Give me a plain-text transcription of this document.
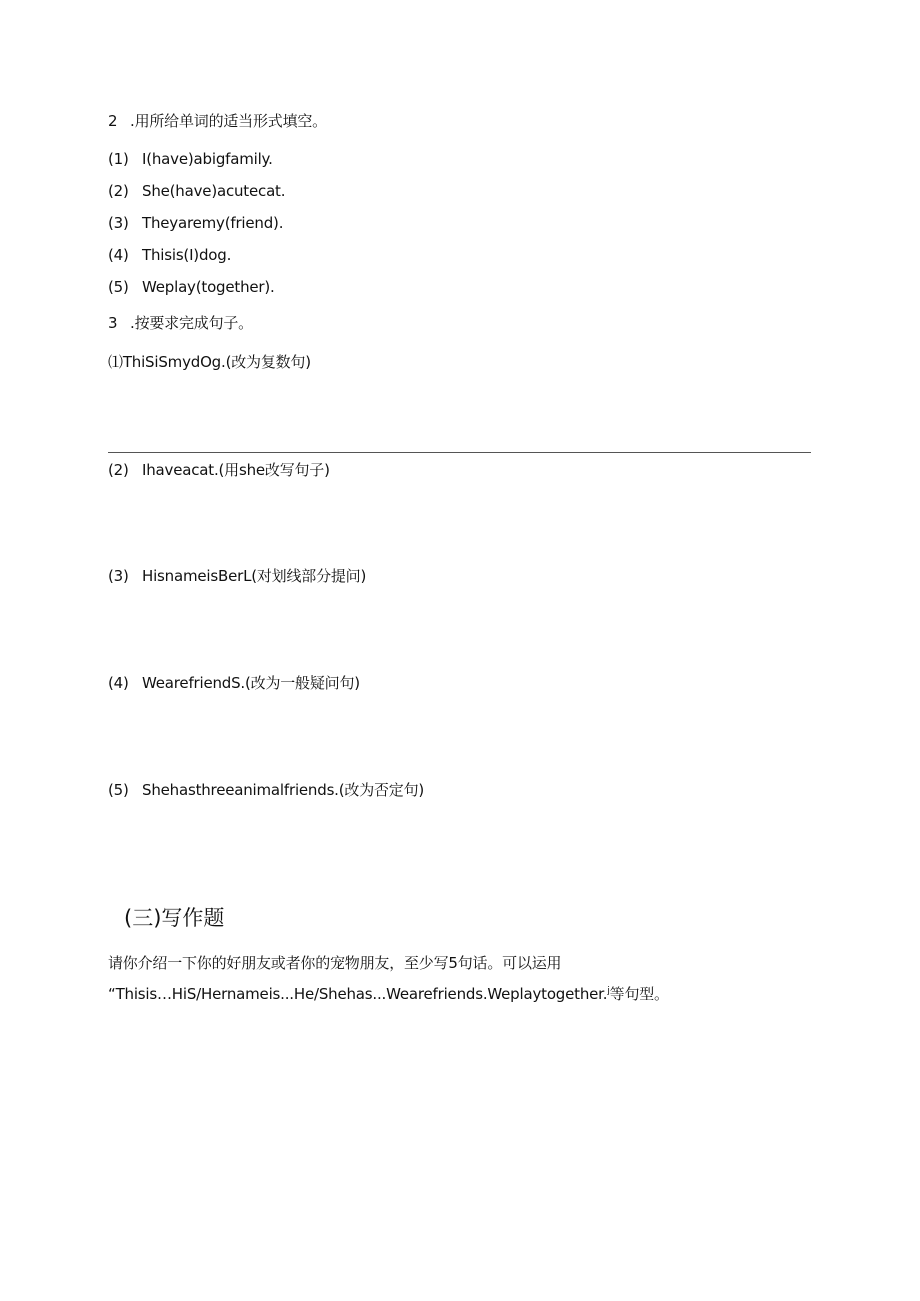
2 .用所给单词的适当形式填空。
(1) I(have)abigfamily.
(2) She(have)acutecat.
(3) Theyaremy(friend).
(4) Thisis(I)dog.
(5) Weplay(together).
3 .按要求完成句子。
⑴ThiSiSmydOg.(改为复数句)
(2) Ihaveacat.(用she改写句子)
(3) HisnameisBerL(对划线部分提问)
(4) WearefriendS.(改为一般疑问句)
(5) Shehasthreeanimalfriends.(改为否定句)
(三)写作题
请你介绍一下你的好朋友或者你的宠物朋友，至少写5句话。可以运用
“Thisis…HiS/Hernameis...He/Shehas...Wearefriends.Weplaytogether.$^j$等句型。
